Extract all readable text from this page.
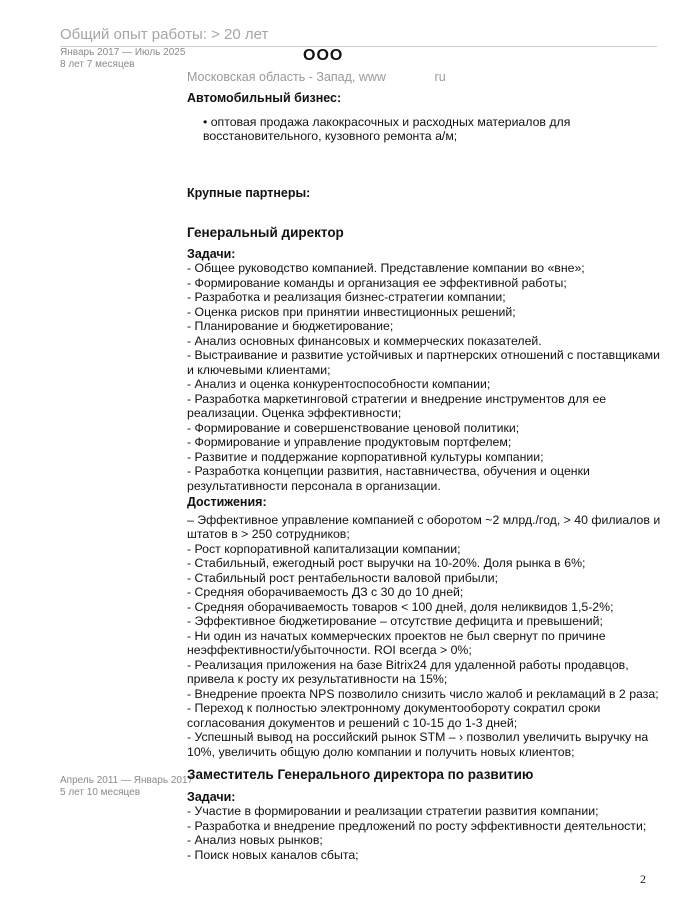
Общий опыт работы: > 20 лет
Январь 2017 — Июль 2025
8 лет 7 месяцев
ООО
Московская область - Запад, www              ru
Автомобильный бизнес:
• оптовая продажа лакокрасочных и расходных материалов для восстановительного, кузовного ремонта а/м;
Крупные партнеры:
Генеральный директор
Задачи:
- Общее руководство компанией. Представление компании во «вне»;
- Формирование команды и организация ее эффективной работы;
- Разработка и реализация бизнес-стратегии компании;
- Оценка рисков при принятии инвестиционных решений;
- Планирование и бюджетирование;
- Анализ основных финансовых и коммерческих показателей.
- Выстраивание и развитие устойчивых и партнерских отношений с поставщиками и ключевыми клиентами;
- Анализ и оценка конкурентоспособности компании;
- Разработка маркетинговой стратегии и внедрение инструментов для ее реализации. Оценка эффективности;
- Формирование и совершенствование ценовой политики;
- Формирование и управление продуктовым портфелем;
- Развитие и поддержание корпоративной культуры компании;
- Разработка концепции развития, наставничества, обучения и оценки результативности персонала в организации.
Достижения:
– Эффективное управление компанией с оборотом ~2 млрд./год, > 40 филиалов и штатов в > 250 сотрудников;
- Рост корпоративной капитализации компании;
- Стабильный, ежегодный рост выручки на 10-20%. Доля рынка в 6%;
- Стабильный рост рентабельности валовой прибыли;
- Средняя оборачиваемость ДЗ с 30 до 10 дней;
- Средняя оборачиваемость товаров < 100 дней, доля неликвидов 1,5-2%;
- Эффективное бюджетирование – отсутствие дефицита и превышений;
- Ни один из начатых коммерческих проектов не был свернут по причине неэффективности/убыточности. ROI всегда > 0%;
- Реализация приложения на базе Bitrix24 для удаленной работы продавцов, привела к росту их результативности на 15%;
- Внедрение проекта NPS позволило снизить число жалоб и рекламаций в 2 раза;
- Переход к полностью электронному документообороту сократил сроки согласования документов и решений с 10-15 до 1-3 дней;
- Успешный вывод на российский рынок STM – › позволил увеличить выручку на 10%, увеличить общую долю компании и получить новых клиентов;
Апрель 2011 — Январь 2017
5 лет 10 месяцев
Заместитель Генерального директора по развитию
Задачи:
- Участие в формировании и реализации стратегии развития компании;
- Разработка и внедрение предложений по росту эффективности деятельности;
- Анализ новых рынков;
- Поиск новых каналов сбыта;
2
